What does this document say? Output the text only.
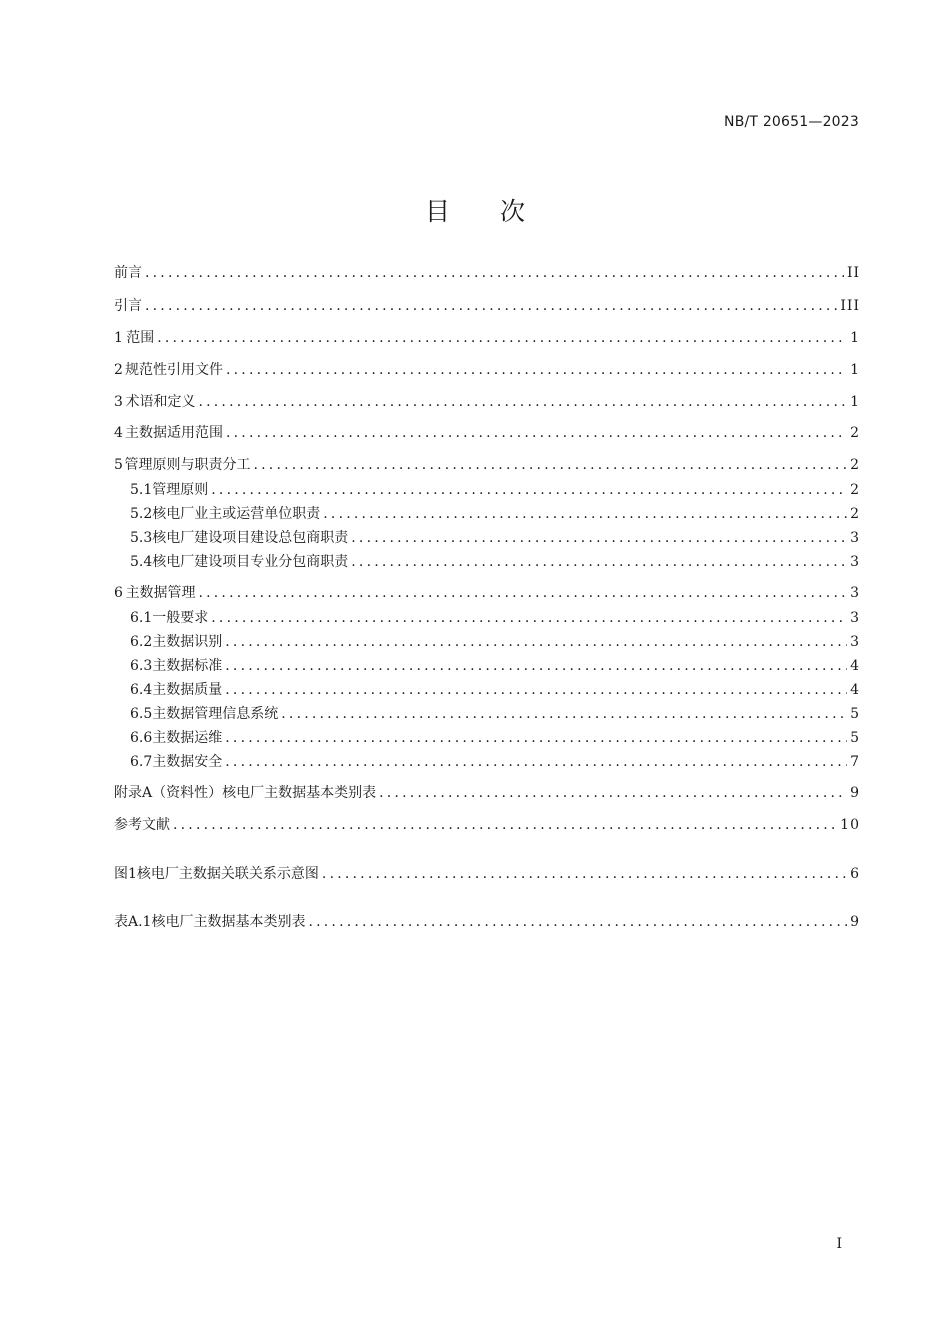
NB/T 20651—2023
目 次
前言 .....	II
引言 .....	III
1 范围 .....	1
2 规范性引用文件 .....	1
3 术语和定义 .....	1
4 主数据适用范围 .....	2
5 管理原则与职责分工 .....	2
5.1 管理原则 .....	2
5.2 核电厂业主或运营单位职责 .....	2
5.3 核电厂建设项目建设总包商职责 .....	3
5.4 核电厂建设项目专业分包商职责 .....	3
6 主数据管理 .....	3
6.1 一般要求 .....	3
6.2 主数据识别 .....	3
6.3 主数据标准 .....	4
6.4 主数据质量 .....	4
6.5 主数据管理信息系统 .....	5
6.6 主数据运维 .....	5
6.7 主数据安全 .....	7
附录A（资料性） 核电厂主数据基本类别表 .....	9
参考文献 .....	10
图1 核电厂主数据关联关系示意图 .....	6
表A.1 核电厂主数据基本类别表 .....	9
I
